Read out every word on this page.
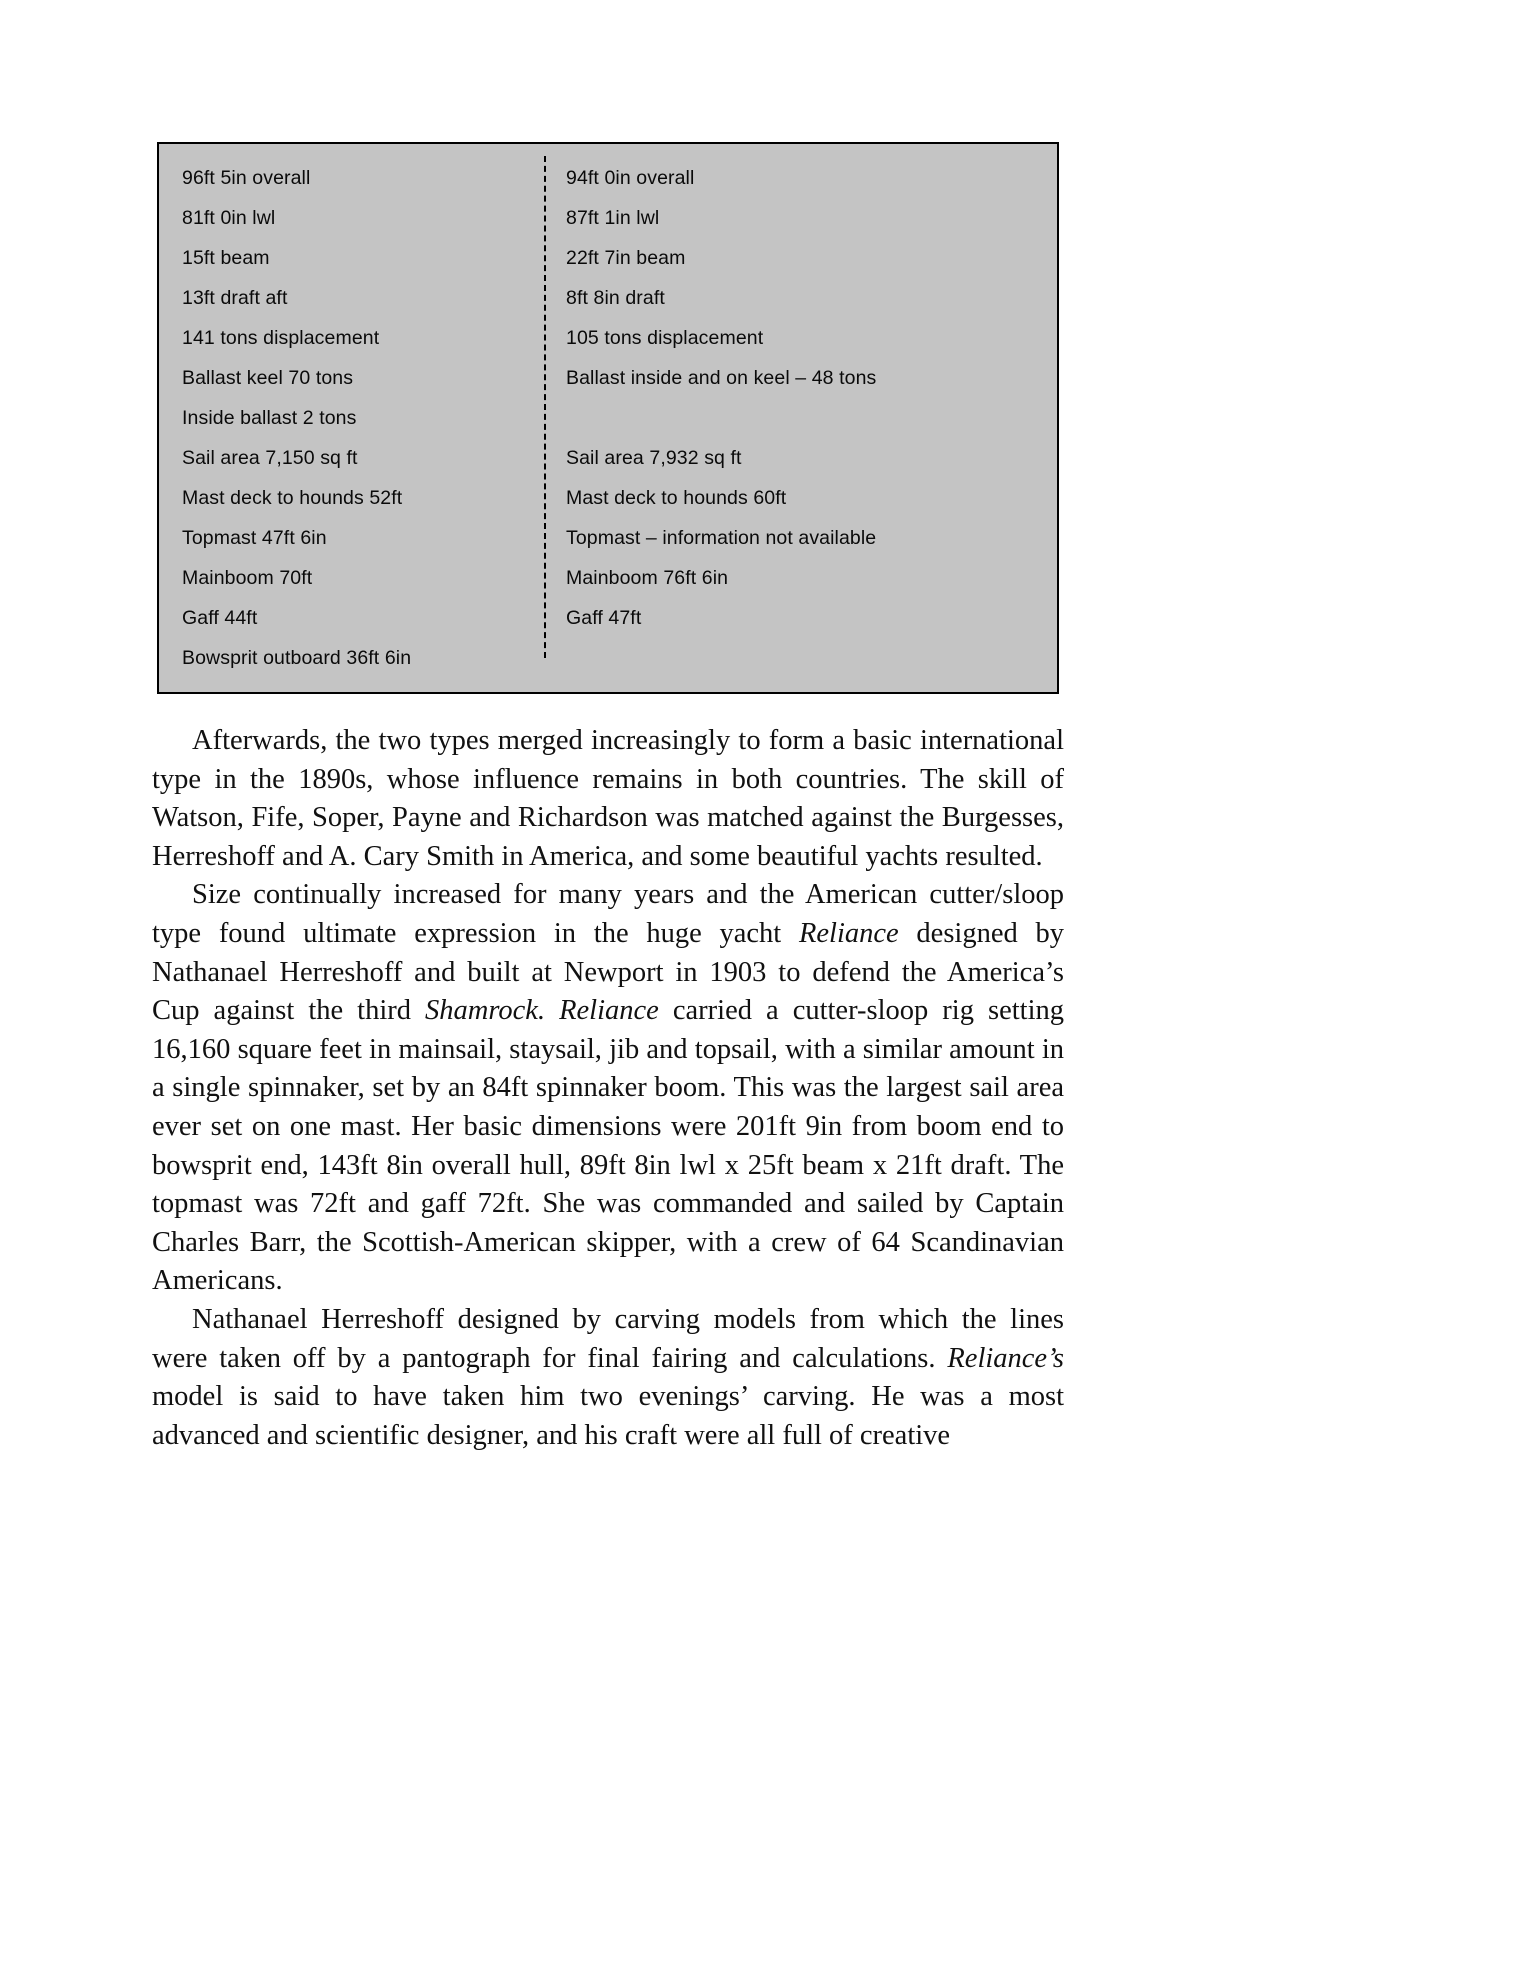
96ft 5in overall	94ft 0in overall
81ft 0in lwl	87ft 1in lwl
15ft beam	22ft 7in beam
13ft draft aft	8ft 8in draft
141 tons displacement	105 tons displacement
Ballast keel 70 tons	Ballast inside and on keel – 48 tons
Inside ballast 2 tons
Sail area 7,150 sq ft	Sail area 7,932 sq ft
Mast deck to hounds 52ft	Mast deck to hounds 60ft
Topmast 47ft 6in	Topmast – information not available
Mainboom 70ft	Mainboom 76ft 6in
Gaff 44ft	Gaff 47ft
Bowsprit outboard 36ft 6in

Afterwards, the two types merged increasingly to form a basic international type in the 1890s, whose influence remains in both countries. The skill of Watson, Fife, Soper, Payne and Richardson was matched against the Burgesses, Herreshoff and A. Cary Smith in America, and some beautiful yachts resulted.

Size continually increased for many years and the American cutter/sloop type found ultimate expression in the huge yacht Reliance designed by Nathanael Herreshoff and built at Newport in 1903 to defend the America’s Cup against the third Shamrock. Reliance carried a cutter-sloop rig setting 16,160 square feet in mainsail, staysail, jib and topsail, with a similar amount in a single spinnaker, set by an 84ft spinnaker boom. This was the largest sail area ever set on one mast. Her basic dimensions were 201ft 9in from boom end to bowsprit end, 143ft 8in overall hull, 89ft 8in lwl x 25ft beam x 21ft draft. The topmast was 72ft and gaff 72ft. She was commanded and sailed by Captain Charles Barr, the Scottish-American skipper, with a crew of 64 Scandinavian Americans.

Nathanael Herreshoff designed by carving models from which the lines were taken off by a pantograph for final fairing and calculations. Reliance’s model is said to have taken him two evenings’ carving. He was a most advanced and scientific designer, and his craft were all full of creative
